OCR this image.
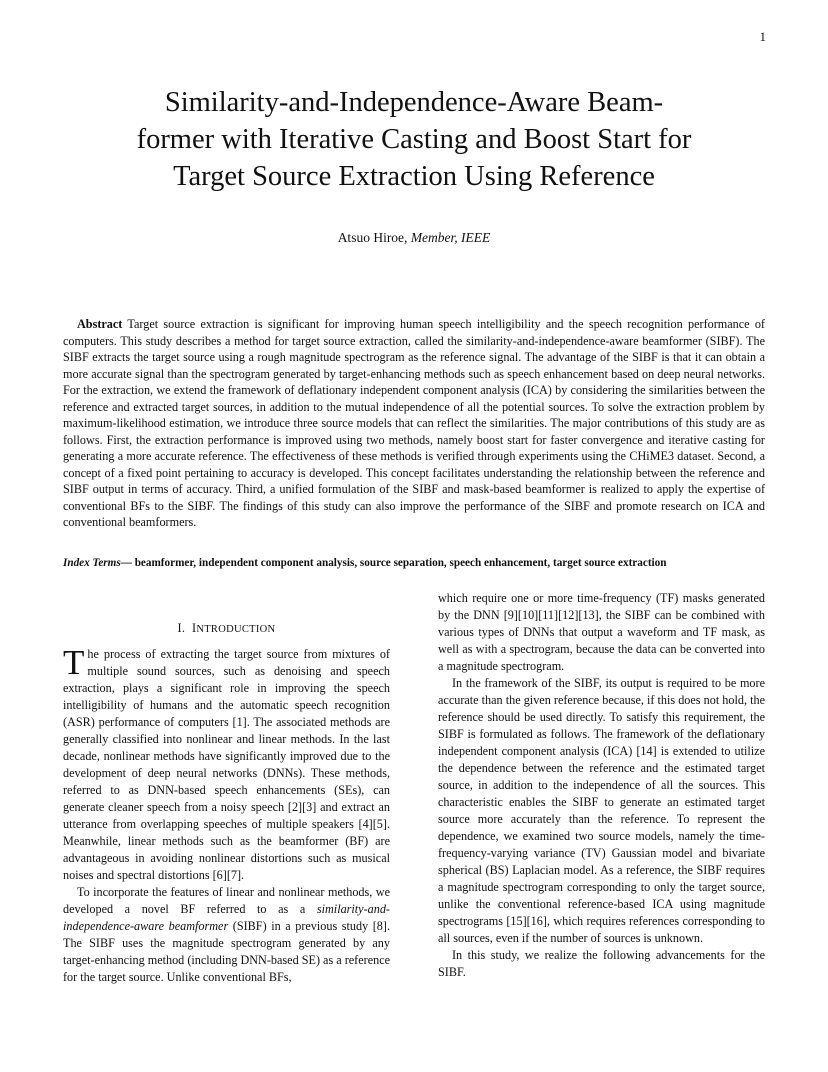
1
Similarity-and-Independence-Aware Beam-
former with Iterative Casting and Boost Start for
Target Source Extraction Using Reference
Atsuo Hiroe, Member, IEEE

Abstract Target source extraction is significant for improving human speech intelligibility and the speech recognition performance of computers. This study describes a method for target source extraction, called the similarity-and-independence-aware beamformer (SIBF). The SIBF extracts the target source using a rough magnitude spectrogram as the reference signal. The advantage of the SIBF is that it can obtain a more accurate signal than the spectrogram generated by target-enhancing methods such as speech enhancement based on deep neural networks. For the extraction, we extend the framework of deflationary independent component analysis (ICA) by considering the similarities between the reference and extracted target sources, in addition to the mutual independence of all the potential sources. To solve the extraction problem by maximum-likelihood estimation, we introduce three source models that can reflect the similarities. The major contributions of this study are as follows. First, the extraction performance is improved using two methods, namely boost start for faster convergence and iterative casting for generating a more accurate reference. The effectiveness of these methods is verified through experiments using the CHiME3 dataset. Second, a concept of a fixed point pertaining to accuracy is developed. This concept facilitates understanding the relationship between the reference and SIBF output in terms of accuracy. Third, a unified formulation of the SIBF and mask-based beamformer is realized to apply the expertise of conventional BFs to the SIBF. The findings of this study can also improve the performance of the SIBF and promote research on ICA and conventional beamformers.

Index Terms— beamformer, independent component analysis, source separation, speech enhancement, target source extraction
I. INTRODUCTION

The process of extracting the target source from mixtures of multiple sound sources, such as denoising and speech extraction, plays a significant role in improving the speech intelligibility of humans and the automatic speech recognition (ASR) performance of computers [1]. The associated methods are generally classified into nonlinear and linear methods. In the last decade, nonlinear methods have significantly improved due to the development of deep neural networks (DNNs). These methods, referred to as DNN-based speech enhancements (SEs), can generate cleaner speech from a noisy speech [2][3] and extract an utterance from overlapping speeches of multiple speakers [4][5]. Meanwhile, linear methods such as the beamformer (BF) are advantageous in avoiding nonlinear distortions such as musical noises and spectral distortions [6][7].

To incorporate the features of linear and nonlinear methods, we developed a novel BF referred to as a similarity-and-independence-aware beamformer (SIBF) in a previous study [8]. The SIBF uses the magnitude spectrogram generated by any target-enhancing method (including DNN-based SE) as a reference for the target source. Unlike conventional BFs,

which require one or more time-frequency (TF) masks generated by the DNN [9][10][11][12][13], the SIBF can be combined with various types of DNNs that output a waveform and TF mask, as well as with a spectrogram, because the data can be converted into a magnitude spectrogram.

In the framework of the SIBF, its output is required to be more accurate than the given reference because, if this does not hold, the reference should be used directly. To satisfy this requirement, the SIBF is formulated as follows. The framework of the deflationary independent component analysis (ICA) [14] is extended to utilize the dependence between the reference and the estimated target source, in addition to the independence of all the sources. This characteristic enables the SIBF to generate an estimated target source more accurately than the reference. To represent the dependence, we examined two source models, namely the time-frequency-varying variance (TV) Gaussian model and bivariate spherical (BS) Laplacian model. As a reference, the SIBF requires a magnitude spectrogram corresponding to only the target source, unlike the conventional reference-based ICA using magnitude spectrograms [15][16], which requires references corresponding to all sources, even if the number of sources is unknown.

In this study, we realize the following advancements for the SIBF.
